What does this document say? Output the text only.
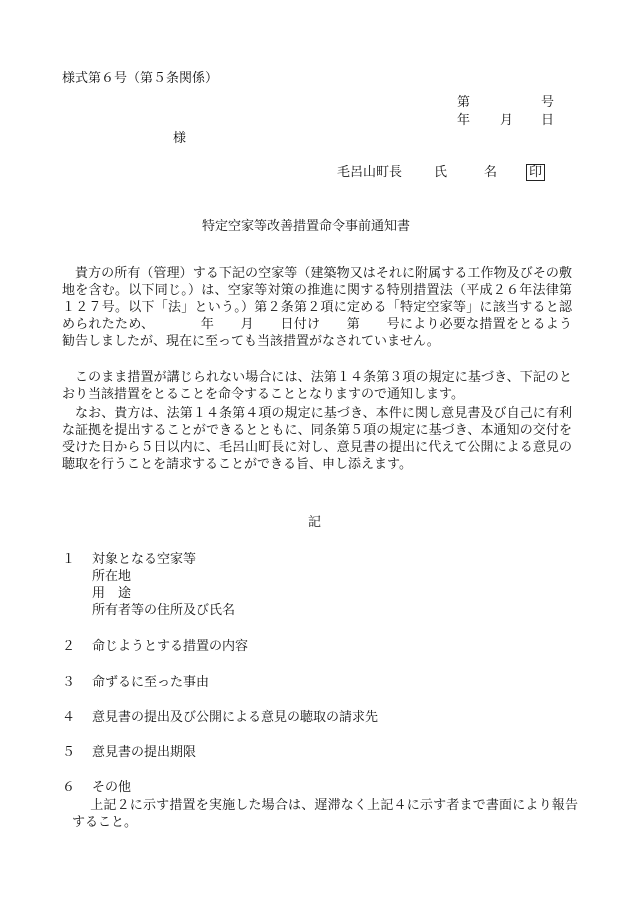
様式第６号（第５条関係）
第	号
年 月 日
様
毛呂山町長 氏	名 印
特定空家等改善措置命令事前通知書
貴方の所有（管理）する下記の空家等（建築物又はそれに附属する工作物及びその敷地を含む。以下同じ。）は、空家等対策の推進に関する特別措置法（平成２６年法律第１２７号。以下「法」という。）第２条第２項に定める「特定空家等」に該当すると認められたため、　　　　年　　月　　日付け　　第　　号により必要な措置をとるよう勧告しましたが、現在に至っても当該措置がなされていません。
このまま措置が講じられない場合には、法第１４条第３項の規定に基づき、下記のとおり当該措置をとることを命令することとなりますので通知します。
なお、貴方は、法第１４条第４項の規定に基づき、本件に関し意見書及び自己に有利な証拠を提出することができるとともに、同条第５項の規定に基づき、本通知の交付を受けた日から５日以内に、毛呂山町長に対し、意見書の提出に代えて公開による意見の聴取を行うことを請求することができる旨、申し添えます。
記
１ 対象となる空家等
所在地
用　途
所有者等の住所及び氏名
２ 命じようとする措置の内容
３ 命ずるに至った事由
４ 意見書の提出及び公開による意見の聴取の請求先
５ 意見書の提出期限
６ その他
上記２に示す措置を実施した場合は、遅滞なく上記４に示す者まで書面により報告すること。
